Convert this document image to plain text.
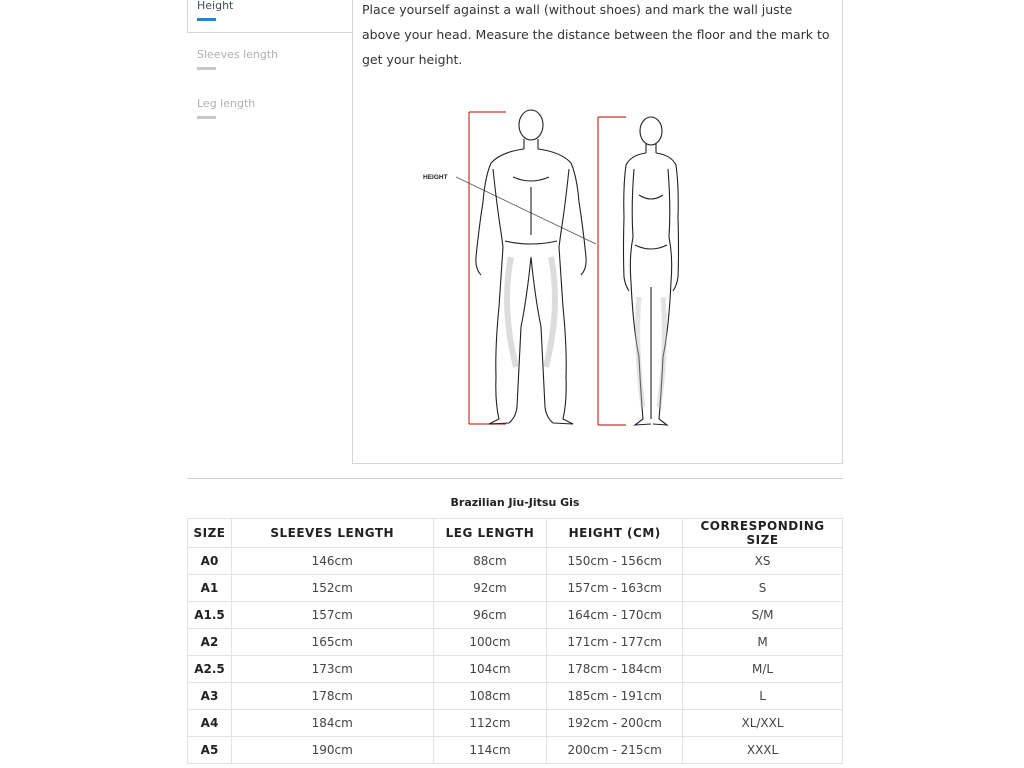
Height
Sleeves length
Leg length
Place yourself against a wall (without shoes) and mark the wall juste above your head. Measure the distance between the floor and the mark to get your height.
HEIGHT
Brazilian Jiu-Jitsu Gis
SIZE	SLEEVES LENGTH	LEG LENGTH	HEIGHT (CM)	CORRESPONDING SIZE
A0	146cm	88cm	150cm - 156cm	XS
A1	152cm	92cm	157cm - 163cm	S
A1.5	157cm	96cm	164cm - 170cm	S/M
A2	165cm	100cm	171cm - 177cm	M
A2.5	173cm	104cm	178cm - 184cm	M/L
A3	178cm	108cm	185cm - 191cm	L
A4	184cm	112cm	192cm - 200cm	XL/XXL
A5	190cm	114cm	200cm - 215cm	XXXL
